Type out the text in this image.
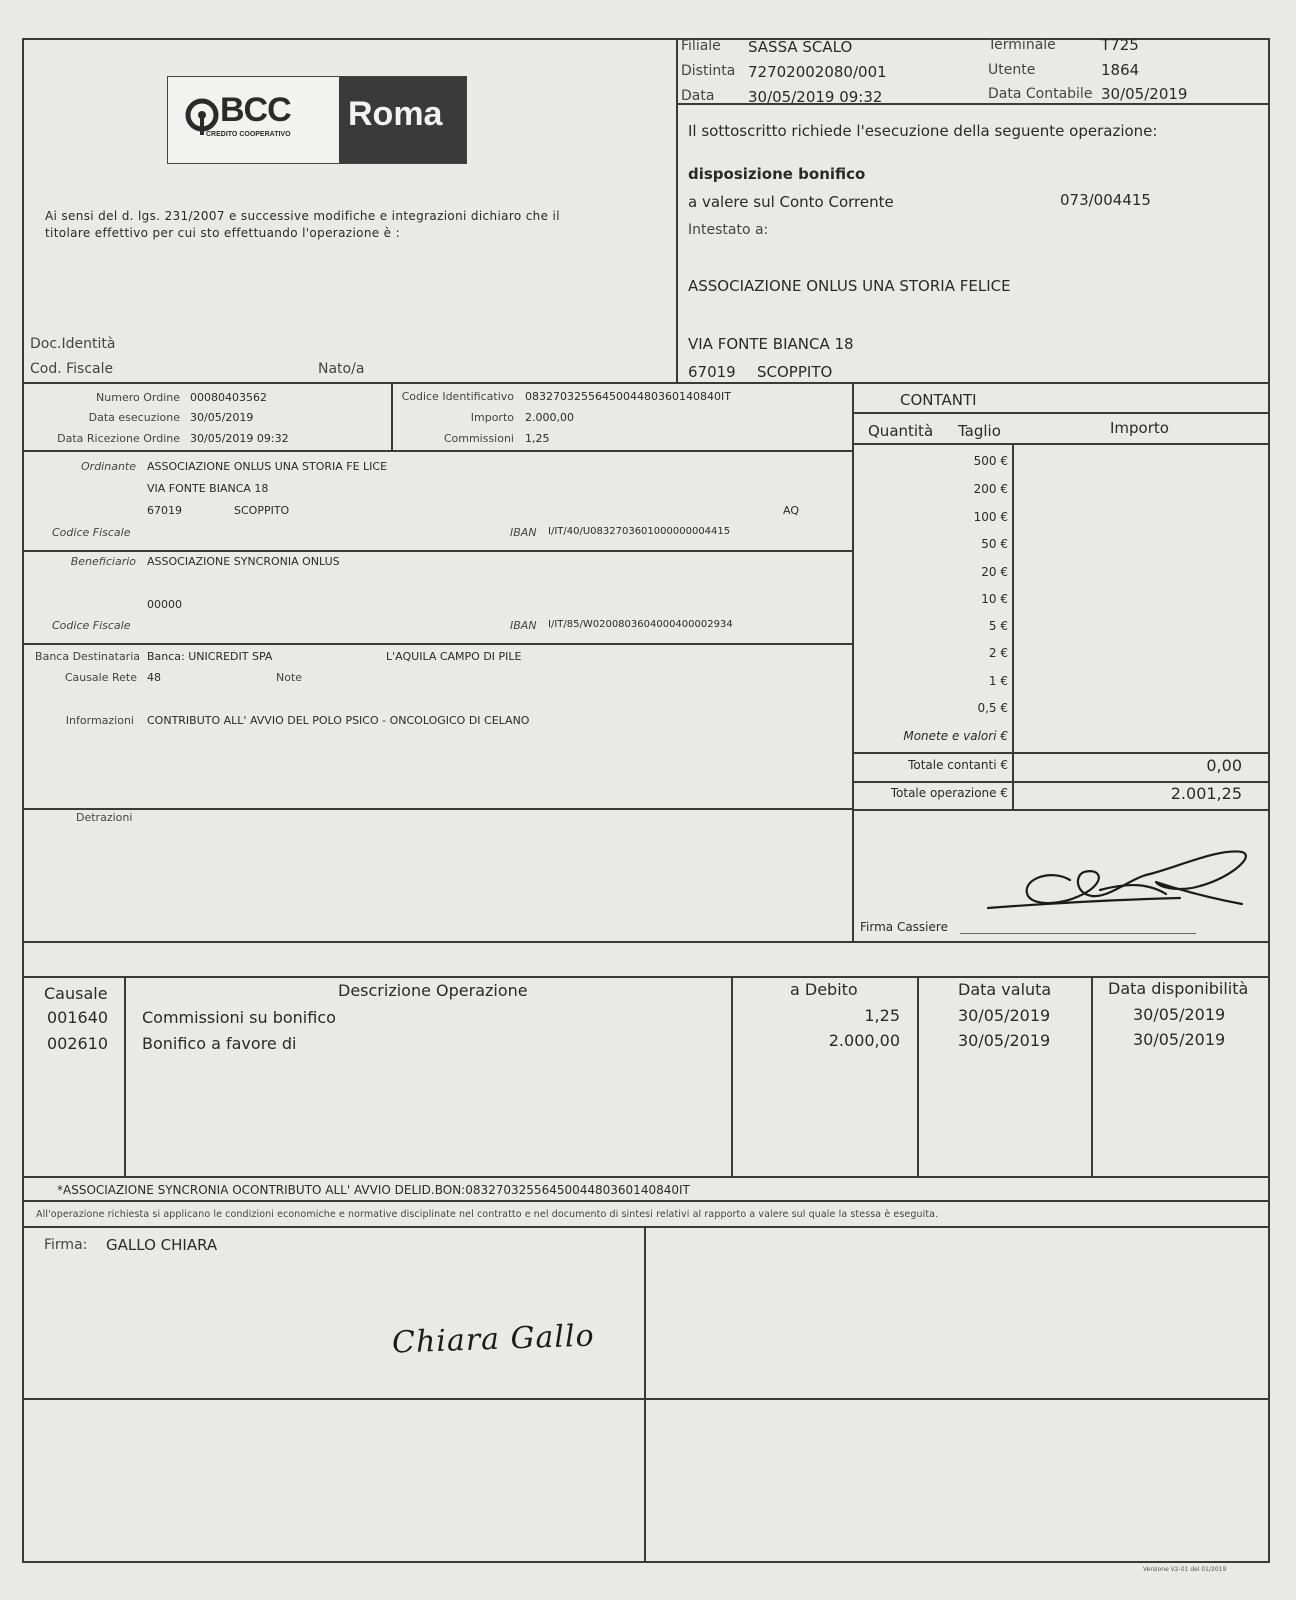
BCC
CREDITO COOPERATIVO
Roma
Filiale SASSA SCALO
Distinta 72702002080/001
Data 30/05/2019 09:32
Terminale	T725
Utente	1864
Data Contabile 30/05/2019
Ai sensi del d. lgs. 231/2007 e successive modifiche e integrazioni dichiaro che il
titolare effettivo per cui sto effettuando l'operazione è :
Doc.Identità
Cod. Fiscale	Nato/a
Il sottoscritto richiede l'esecuzione della seguente operazione:
disposizione bonifico
a valere sul Conto Corrente	073/004415
Intestato a:
ASSOCIAZIONE ONLUS UNA STORIA FELICE
VIA FONTE BIANCA 18
67019 SCOPPITO
Numero Ordine 00080403562
Data esecuzione 30/05/2019
Data Ricezione Ordine 30/05/2019 09:32
Codice Identificativo 0832703255645004480360140840IT
Importo 2.000,00
Commissioni 1,25
Ordinante ASSOCIAZIONE ONLUS UNA STORIA FE LICE
VIA FONTE BIANCA 18
67019	SCOPPITO	AQ
Codice Fiscale	IBAN I/IT/40/U0832703601000000004415
Beneficiario ASSOCIAZIONE SYNCRONIA ONLUS
00000
Codice Fiscale	IBAN I/IT/85/W0200803604000400002934
Banca Destinataria Banca: UNICREDIT SPA	L'AQUILA CAMPO DI PILE
Causale Rete 48	Note
Informazioni CONTRIBUTO ALL' AVVIO DEL POLO PSICO - ONCOLOGICO DI CELANO
Detrazioni
CONTANTI
Quantità Taglio	Importo
500 €
200 €
100 €
50 €
20 €
10 €
5 €
2 €
1 €
0,5 €
Monete e valori €
Totale contanti €	0,00
Totale operazione €	2.001,25
Firma Cassiere
Causale	Descrizione Operazione	a Debito	Data valuta	Data disponibilità
001640 Commissioni su bonifico	1,25	30/05/2019	30/05/2019
002610 Bonifico a favore di	2.000,00	30/05/2019	30/05/2019
*ASSOCIAZIONE SYNCRONIA OCONTRIBUTO ALL' AVVIO DELID.BON:0832703255645004480360140840IT
All'operazione richiesta si applicano le condizioni economiche e normative disciplinate nel contratto e nel documento di sintesi relativi al rapporto a valere sul quale la stessa è eseguita.
Firma: GALLO CHIARA
Chiara Gallo
Versione V2-01 del 01/2019
